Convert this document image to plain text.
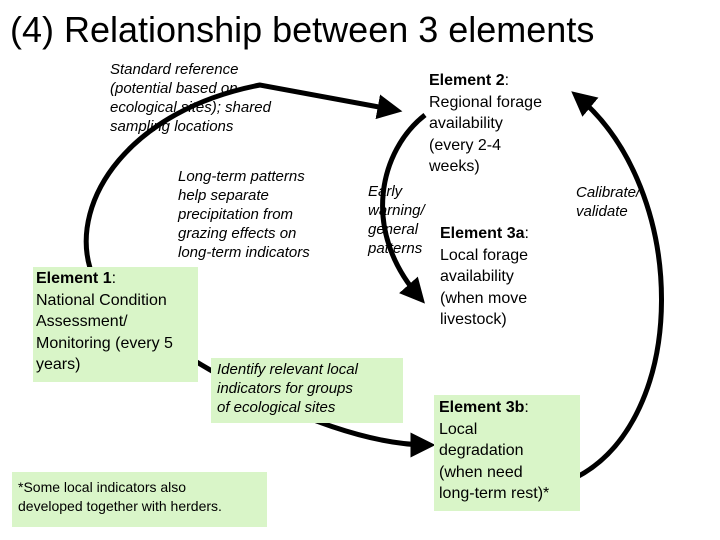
(4) Relationship between 3 elements
Standard reference
(potential based on
ecological sites); shared
sampling locations
Long-term patterns
help separate
precipitation from
grazing effects on
long-term indicators
Early
warning/
general
patterns
Calibrate/
validate
Element 2:
Regional forage
availability
(every 2-4
weeks)
Element 3a:
Local forage
availability
(when move
livestock)
Element 1:
National Condition
Assessment/
Monitoring (every 5
years)	Identify relevant local
indicators for groups
of ecological sites	Element 3b:
Local
degradation
(when need
long-term rest)*
*Some local indicators also
developed together with herders.
